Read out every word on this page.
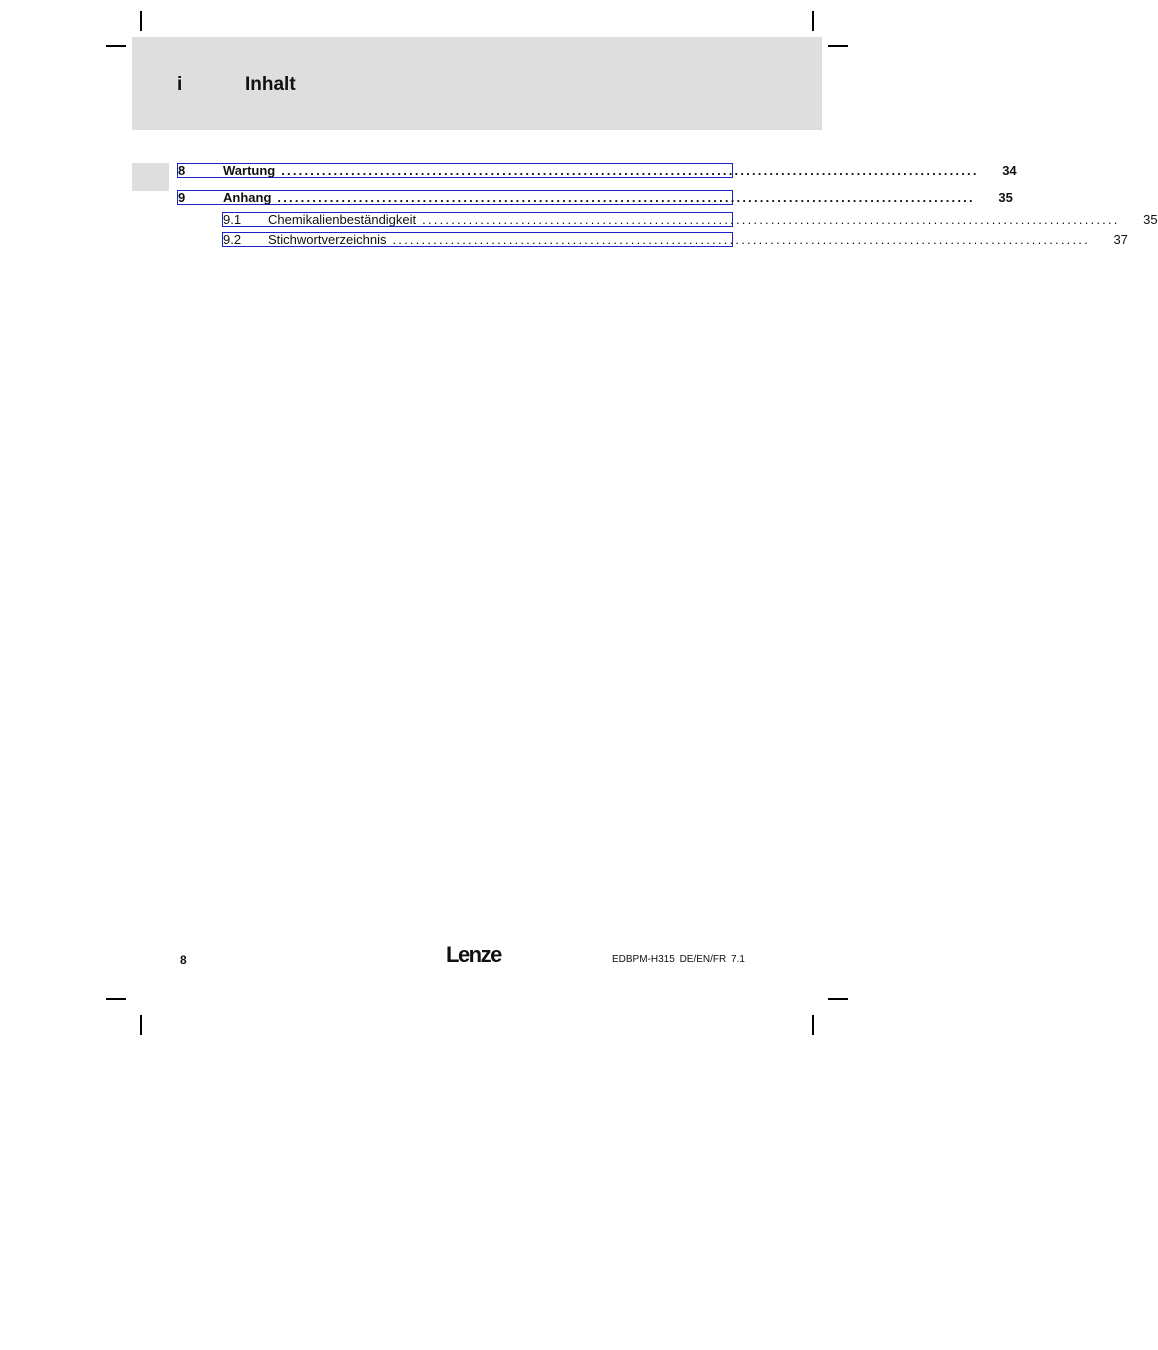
i	Inhalt
8	Wartung ........................................................................................................................	34
9	Anhang ........................................................................................................................	35
9.1	Chemikalienbeständigkeit ........................................................................................................................	35
9.2	Stichwortverzeichnis ........................................................................................................................	37
8	Lenze	EDBPM-H315 DE/EN/FR 7.1
